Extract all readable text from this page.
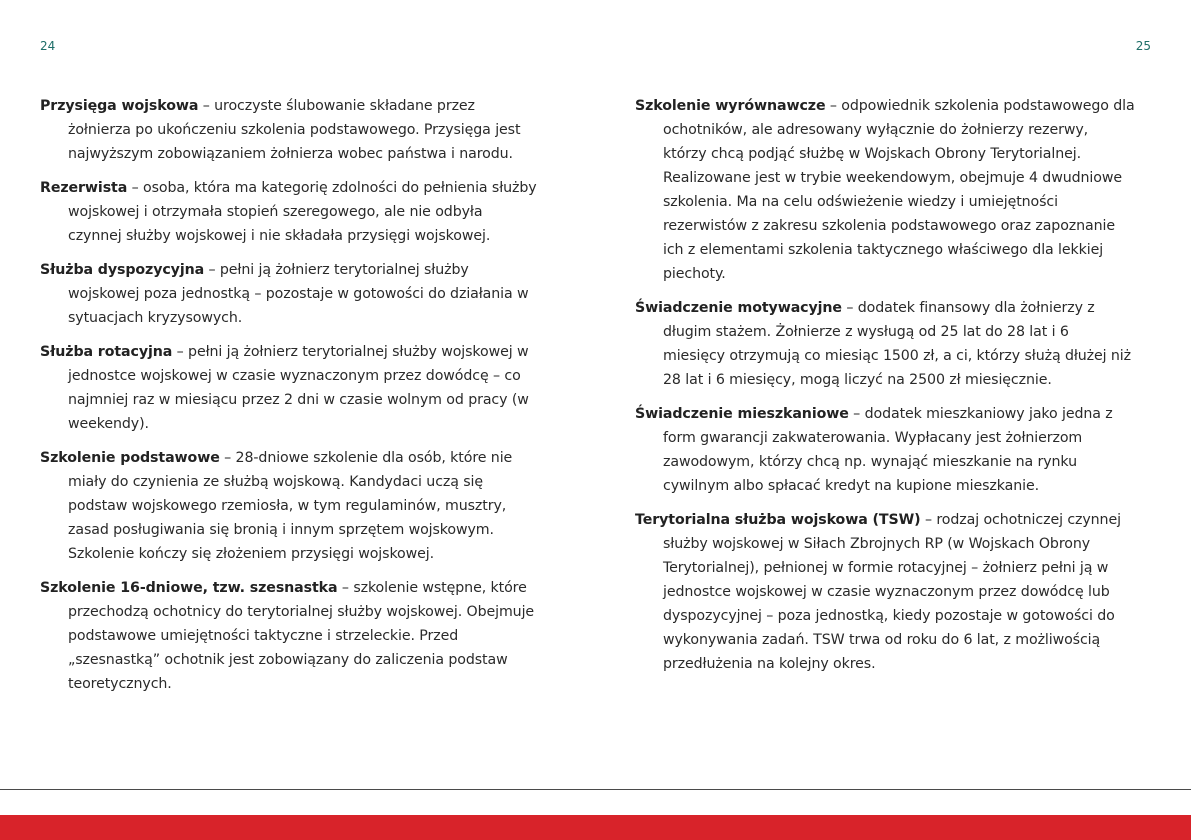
24	25

Przysięga wojskowa – uroczyste ślubowanie składane przez żołnierza po ukończeniu szkolenia podstawowego. Przysięga jest najwyższym zobowiązaniem żołnierza wobec państwa i narodu.

Rezerwista – osoba, która ma kategorię zdolności do pełnienia służby wojskowej i otrzymała stopień szeregowego, ale nie odbyła czynnej służby wojskowej i nie składała przysięgi wojskowej.

Służba dyspozycyjna – pełni ją żołnierz terytorialnej służby wojskowej poza jednostką – pozostaje w gotowości do działania w sytuacjach kryzysowych.

Służba rotacyjna – pełni ją żołnierz terytorialnej służby wojskowej w jednostce wojskowej w czasie wyznaczonym przez dowódcę – co najmniej raz w miesiącu przez 2 dni w czasie wolnym od pracy (w weekendy).

Szkolenie podstawowe – 28-dniowe szkolenie dla osób, które nie miały do czynienia ze służbą wojskową. Kandydaci uczą się podstaw wojskowego rzemiosła, w tym regulaminów, musztry, zasad posługiwania się bronią i innym sprzętem wojskowym. Szkolenie kończy się złożeniem przysięgi wojskowej.

Szkolenie 16-dniowe, tzw. szesnastka – szkolenie wstępne, które przechodzą ochotnicy do terytorialnej służby wojskowej. Obejmuje podstawowe umiejętności taktyczne i strzeleckie. Przed „szesnastką” ochotnik jest zobowiązany do zaliczenia podstaw teoretycznych.

Szkolenie wyrównawcze – odpowiednik szkolenia podstawowego dla ochotników, ale adresowany wyłącznie do żołnierzy rezerwy, którzy chcą podjąć służbę w Wojskach Obrony Terytorialnej. Realizowane jest w trybie weekendowym, obejmuje 4 dwudniowe szkolenia. Ma na celu odświeżenie wiedzy i umiejętności rezerwistów z zakresu szkolenia podstawowego oraz zapoznanie ich z elementami szkolenia taktycznego właściwego dla lekkiej piechoty.

Świadczenie motywacyjne – dodatek finansowy dla żołnierzy z długim stażem. Żołnierze z wysługą od 25 lat do 28 lat i 6 miesięcy otrzymują co miesiąc 1500 zł, a ci, którzy służą dłużej niż 28 lat i 6 miesięcy, mogą liczyć na 2500 zł miesięcznie.

Świadczenie mieszkaniowe – dodatek mieszkaniowy jako jedna z form gwarancji zakwaterowania. Wypłacany jest żołnierzom zawodowym, którzy chcą np. wynająć mieszkanie na rynku cywilnym albo spłacać kredyt na kupione mieszkanie.

Terytorialna służba wojskowa (TSW) – rodzaj ochotniczej czynnej służby wojskowej w Siłach Zbrojnych RP (w Wojskach Obrony Terytorialnej), pełnionej w formie rotacyjnej – żołnierz pełni ją w jednostce wojskowej w czasie wyznaczonym przez dowódcę lub dyspozycyjnej – poza jednostką, kiedy pozostaje w gotowości do wykonywania zadań. TSW trwa od roku do 6 lat, z możliwością przedłużenia na kolejny okres.
